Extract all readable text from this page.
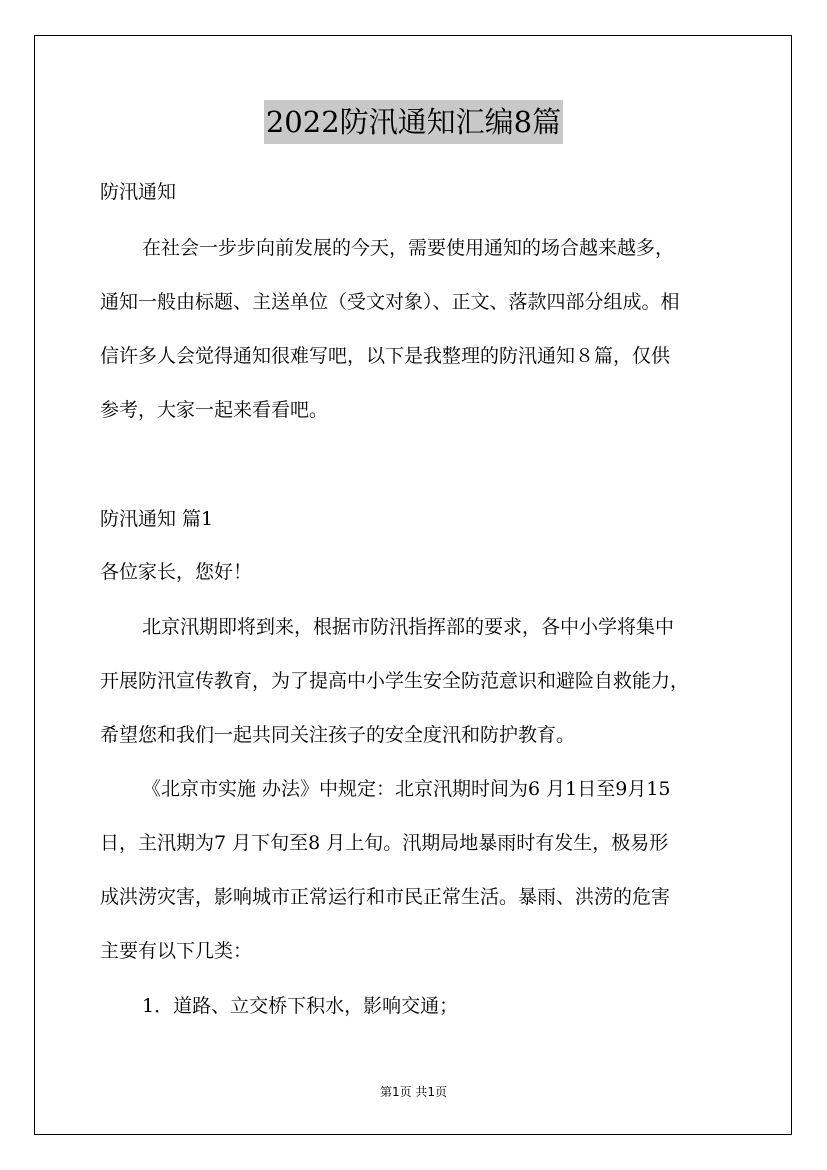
2022防汛通知汇编8篇
防汛通知
在社会一步步向前发展的今天，需要使用通知的场合越来越多，
通知一般由标题、主送单位（受文对象）、正文、落款四部分组成。相
信许多人会觉得通知很难写吧，以下是我整理的防汛通知８篇，仅供
参考，大家一起来看看吧。
防汛通知 篇1
各位家长，您好！
北京汛期即将到来，根据市防汛指挥部的要求，各中小学将集中
开展防汛宣传教育，为了提高中小学生安全防范意识和避险自救能力，
希望您和我们一起共同关注孩子的安全度汛和防护教育。
《北京市实施 办法》中规定：北京汛期时间为6 月1日至9月15
日，主汛期为7 月下旬至8 月上旬。汛期局地暴雨时有发生，极易形
成洪涝灾害，影响城市正常运行和市民正常生活。暴雨、洪涝的危害
主要有以下几类：
1．道路、立交桥下积水，影响交通；
第1页 共1页
